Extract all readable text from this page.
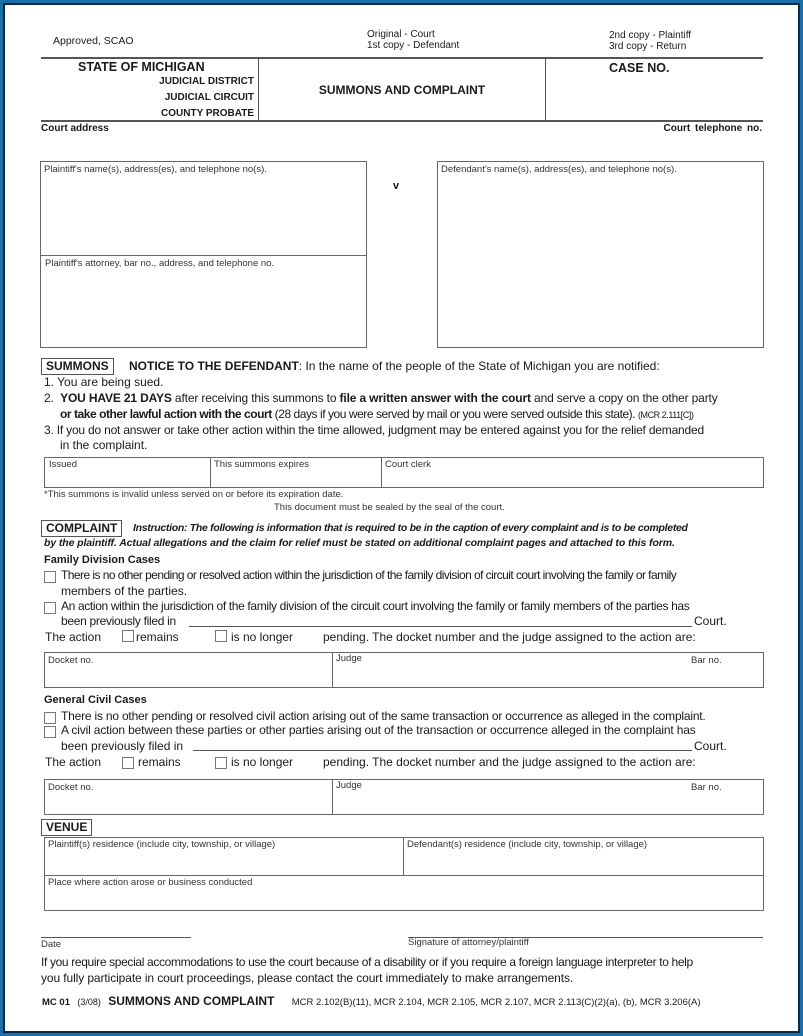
Approved, SCAO
Original - Court
1st copy - Defendant
2nd copy - Plaintiff
3rd copy - Return
STATE OF MICHIGAN
JUDICIAL DISTRICT
JUDICIAL CIRCUIT
COUNTY PROBATE
SUMMONS AND COMPLAINT
CASE NO.
Court address	Court telephone no.
Plaintiff's name(s), address(es), and telephone no(s).
Plaintiff's attorney, bar no., address, and telephone no.
v
Defendant's name(s), address(es), and telephone no(s).
SUMMONS	NOTICE TO THE DEFENDANT: In the name of the people of the State of Michigan you are notified:
1. You are being sued.
2. YOU HAVE 21 DAYS after receiving this summons to file a written answer with the court and serve a copy on the other party
or take other lawful action with the court (28 days if you were served by mail or you were served outside this state). (MCR 2.111[C])
3. If you do not answer or take other action within the time allowed, judgment may be entered against you for the relief demanded
in the complaint.
Issued	This summons expires	Court clerk
*This summons is invalid unless served on or before its expiration date.
This document must be sealed by the seal of the court.
COMPLAINT	Instruction: The following is information that is required to be in the caption of every complaint and is to be completed
by the plaintiff. Actual allegations and the claim for relief must be stated on additional complaint pages and attached to this form.
Family Division Cases
There is no other pending or resolved action within the jurisdiction of the family division of circuit court involving the family or family
members of the parties.
An action within the jurisdiction of the family division of the circuit court involving the family or family members of the parties has
been previously filed in	Court.
The action	remains	is no longer pending. The docket number and the judge assigned to the action are:
Docket no.	Judge	Bar no.
General Civil Cases
There is no other pending or resolved civil action arising out of the same transaction or occurrence as alleged in the complaint.
A civil action between these parties or other parties arising out of the transaction or occurrence alleged in the complaint has
been previously filed in	Court.
The action	remains	is no longer pending. The docket number and the judge assigned to the action are:
Docket no.	Judge	Bar no.
VENUE
Plaintiff(s) residence (include city, township, or village)	Defendant(s) residence (include city, township, or village)
Place where action arose or business conducted
Date	Signature of attorney/plaintiff
If you require special accommodations to use the court because of a disability or if you require a foreign language interpreter to help
you fully participate in court proceedings, please contact the court immediately to make arrangements.
MC 01 (3/08) SUMMONS AND COMPLAINT MCR 2.102(B)(11), MCR 2.104, MCR 2.105, MCR 2.107, MCR 2.113(C)(2)(a), (b), MCR 3.206(A)
